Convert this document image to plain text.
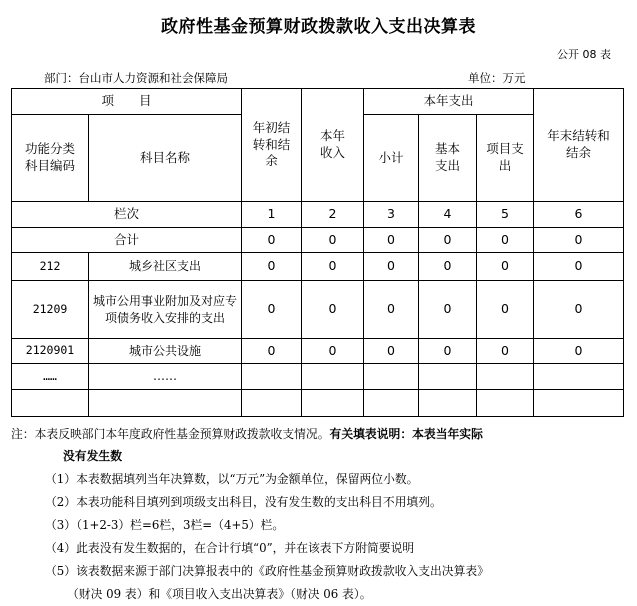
政府性基金预算财政拨款收入支出决算表
公开 08 表
部门：台山市人力资源和社会保障局	单位：万元
项　　目		年初结转和结余	本年收入	本年支出			年末结转和结余

功能分类科目编码	科目名称			小计	基本支出	项目支出	

栏次		1	2	3	4	5	6
合计		0	0	0	0	0	0
212	城乡社区支出	0	0	0	0	0	0
21209	城市公用事业附加及对应专项债务收入安排的支出	0	0	0	0	0	0
2120901	城市公共设施	0	0	0	0	0	0
……	……						

注：本表反映部门本年度政府性基金预算财政拨款收支情况。有关填表说明：本表当年实际
没有发生数
（1）本表数据填列当年决算数，以“万元”为金额单位，保留两位小数。
（2）本表功能科目填列到项级支出科目，没有发生数的支出科目不用填列。
（3）（1+2-3）栏=6栏，3栏=（4+5）栏。
（4）此表没有发生数据的，在合计行填“0”，并在该表下方附简要说明
（5）该表数据来源于部门决算报表中的《政府性基金预算财政拨款收入支出决算表》
（财决 09 表）和《项目收入支出决算表》（财决 06 表）。
